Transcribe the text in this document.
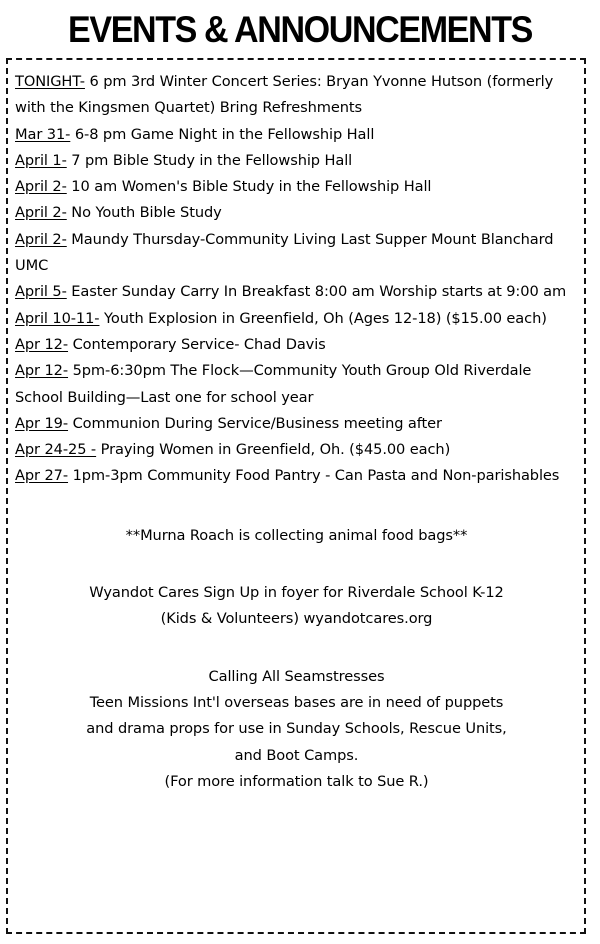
EVENTS & ANNOUNCEMENTS

TONIGHT- 6 pm 3rd Winter Concert Series: Bryan Yvonne Hutson (formerly with the Kingsmen Quartet) Bring Refreshments

Mar 31- 6-8 pm Game Night in the Fellowship Hall

April 1- 7 pm Bible Study in the Fellowship Hall

April 2- 10 am Women's Bible Study in the Fellowship Hall

April 2- No Youth Bible Study

April 2- Maundy Thursday-Community Living Last Supper Mount Blanchard UMC

April 5- Easter Sunday Carry In Breakfast 8:00 am Worship starts at 9:00 am

April 10-11- Youth Explosion in Greenfield, Oh (Ages 12-18) ($15.00 each)

Apr 12- Contemporary Service- Chad Davis

Apr 12- 5pm-6:30pm The Flock—Community Youth Group Old Riverdale School Building—Last one for school year

Apr 19- Communion During Service/Business meeting after

Apr 24-25 - Praying Women in Greenfield, Oh. ($45.00 each)

Apr 27- 1pm-3pm Community Food Pantry - Can Pasta and Non-parishables

**Murna Roach is collecting animal food bags**

Wyandot Cares Sign Up in foyer for Riverdale School K-12

(Kids & Volunteers) wyandotcares.org

Calling All Seamstresses

Teen Missions Int'l overseas bases are in need of puppets

and drama props for use in Sunday Schools, Rescue Units,

and Boot Camps.

(For more information talk to Sue R.)
